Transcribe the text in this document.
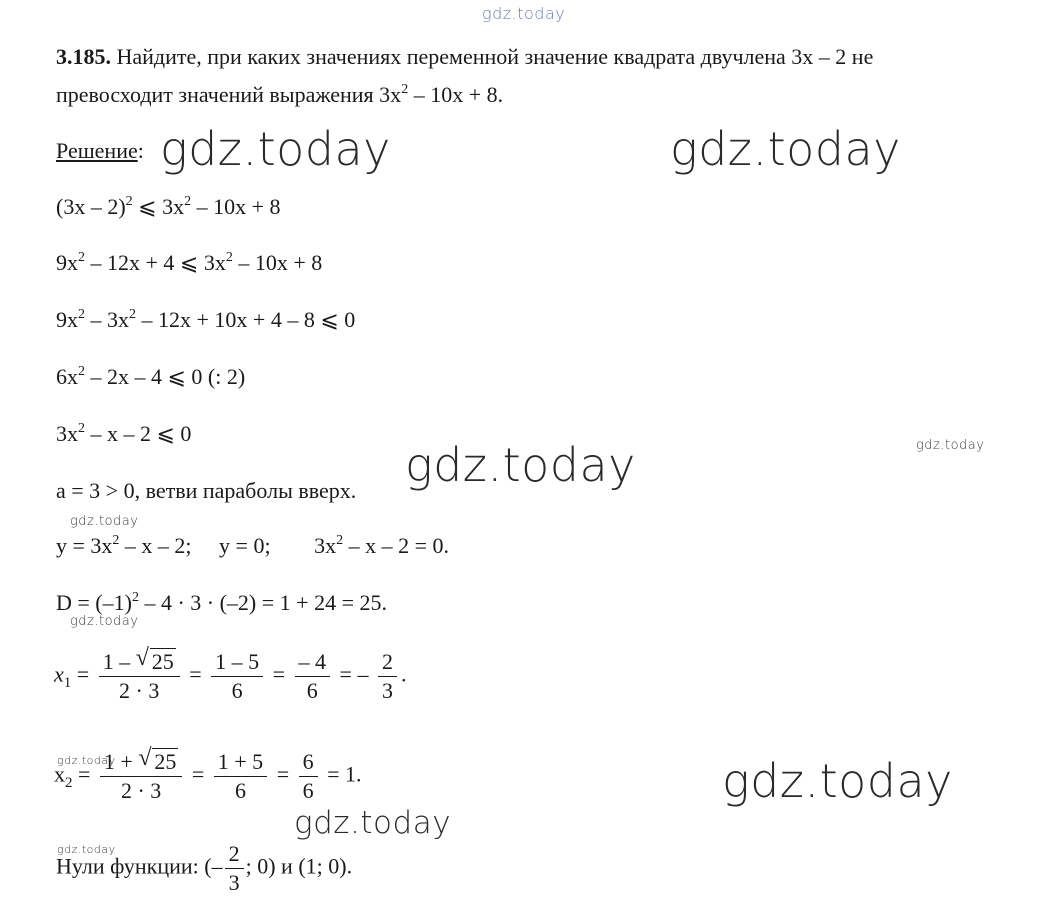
gdz.today
gdz.today	gdz.today
gdz.today	gdz.today
gdz.today
gdz.today
gdz.today
gdz.today
gdz.today
gdz.today
3.185. Найдите, при каких значениях переменной значение квадрата двучлена 3x – 2 не
превосходит значений выражения $3x^2 - 10x + 8$.
Решение:
(3x – 2)$^2$ ⩽ $3x^2 - 10x + 8$
$9x^2 - 12x + 4$ ⩽ $3x^2 - 10x + 8$
$9x^2 - 3x^2 - 12x + 10x + 4 - 8$ ⩽ 0
$6x^2 - 2x - 4$ ⩽ 0 (: 2)
$3x^2$ – x – 2 ⩽ 0
a = 3 > 0, ветви параболы вверх.
$y = 3x^2 - x - 2$; y = 0; $3x^2 - x - 2 = 0$.
$D = (-1)^2 - 4 \cdot 3 \cdot (-2) = 1 + 24 = 25$.
$x_1 = \frac{1 - √ 25}{2 \cdot 3} = \frac{1 - 5}{6} = \frac{- 4}{6}$ = – $\frac{2}{3}$ .
$x_2 = \frac{1 + √ 25}{2 \cdot 3} = \frac{1 + 5}{6} = \frac{6}{6} = 1$.
Нули функции: (– $\frac{2}{3}$ ; 0) и (1; 0).
